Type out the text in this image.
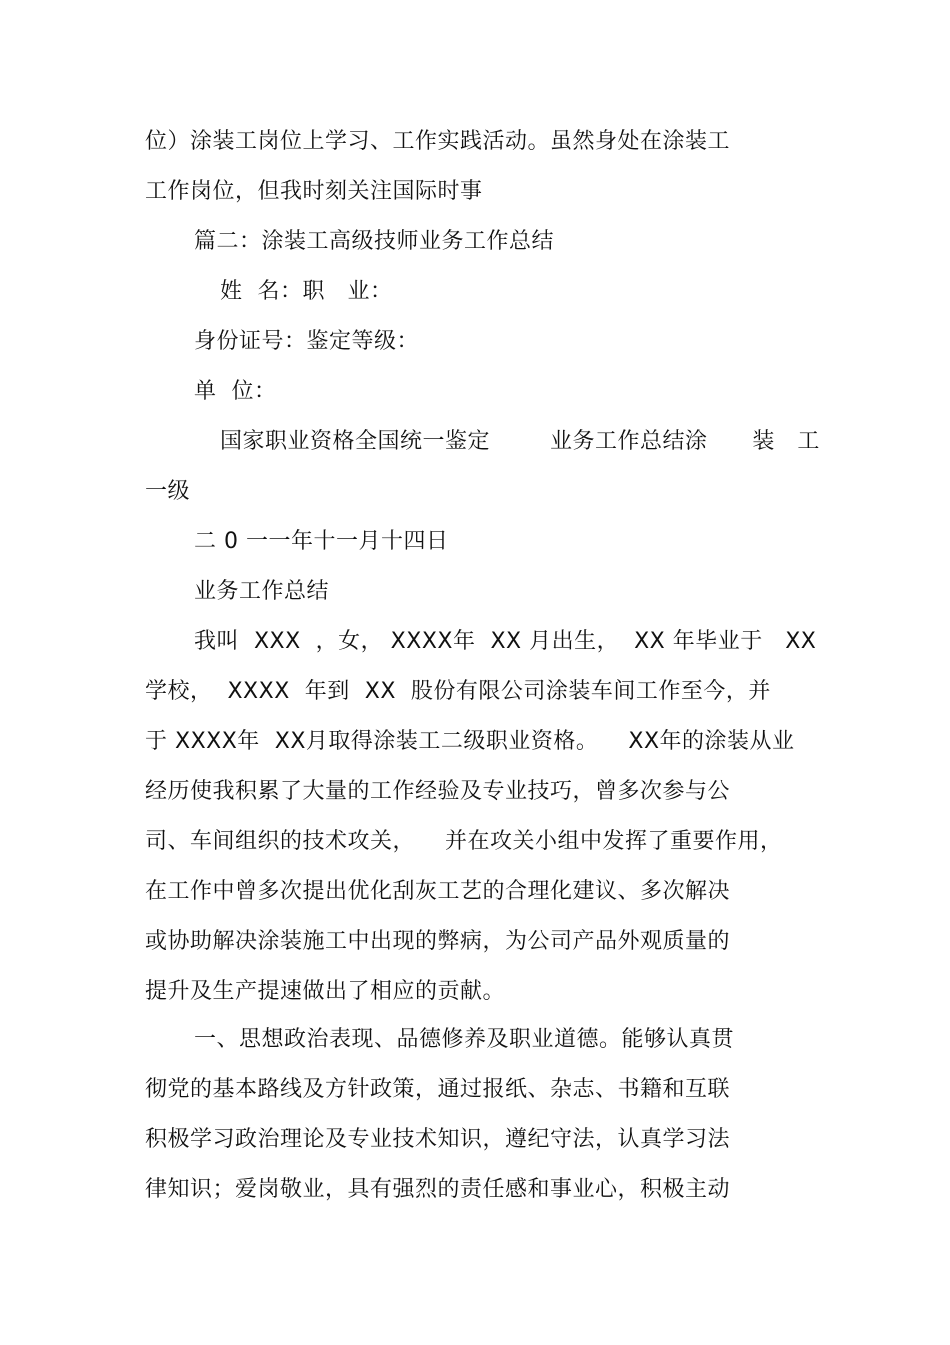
位）涂装工岗位上学习、工作实践活动。虽然身处在涂装工
工作岗位，但我时刻关注国际时事
篇二：涂装工高级技师业务工作总结
姓  名：职   业：
身份证号：鉴定等级：
单  位：
国家职业资格全国统一鉴定        业务工作总结涂      装   工
一级
二 0 一一年十一月十四日
业务工作总结
我叫  XXX  ，女， XXXX年  XX 月出生，  XX 年毕业于   XX
学校，  XXXX  年到  XX  股份有限公司涂装车间工作至今，并
于 XXXX年  XX月取得涂装工二级职业资格。    XX年的涂装从业
经历使我积累了大量的工作经验及专业技巧，曾多次参与公
司、车间组织的技术攻关，    并在攻关小组中发挥了重要作用，
在工作中曾多次提出优化刮灰工艺的合理化建议、多次解决
或协助解决涂装施工中出现的弊病，为公司产品外观质量的
提升及生产提速做出了相应的贡献。
一、思想政治表现、品德修养及职业道德。能够认真贯
彻党的基本路线及方针政策，通过报纸、杂志、书籍和互联
积极学习政治理论及专业技术知识，遵纪守法，认真学习法
律知识；爱岗敬业，具有强烈的责任感和事业心，积极主动
